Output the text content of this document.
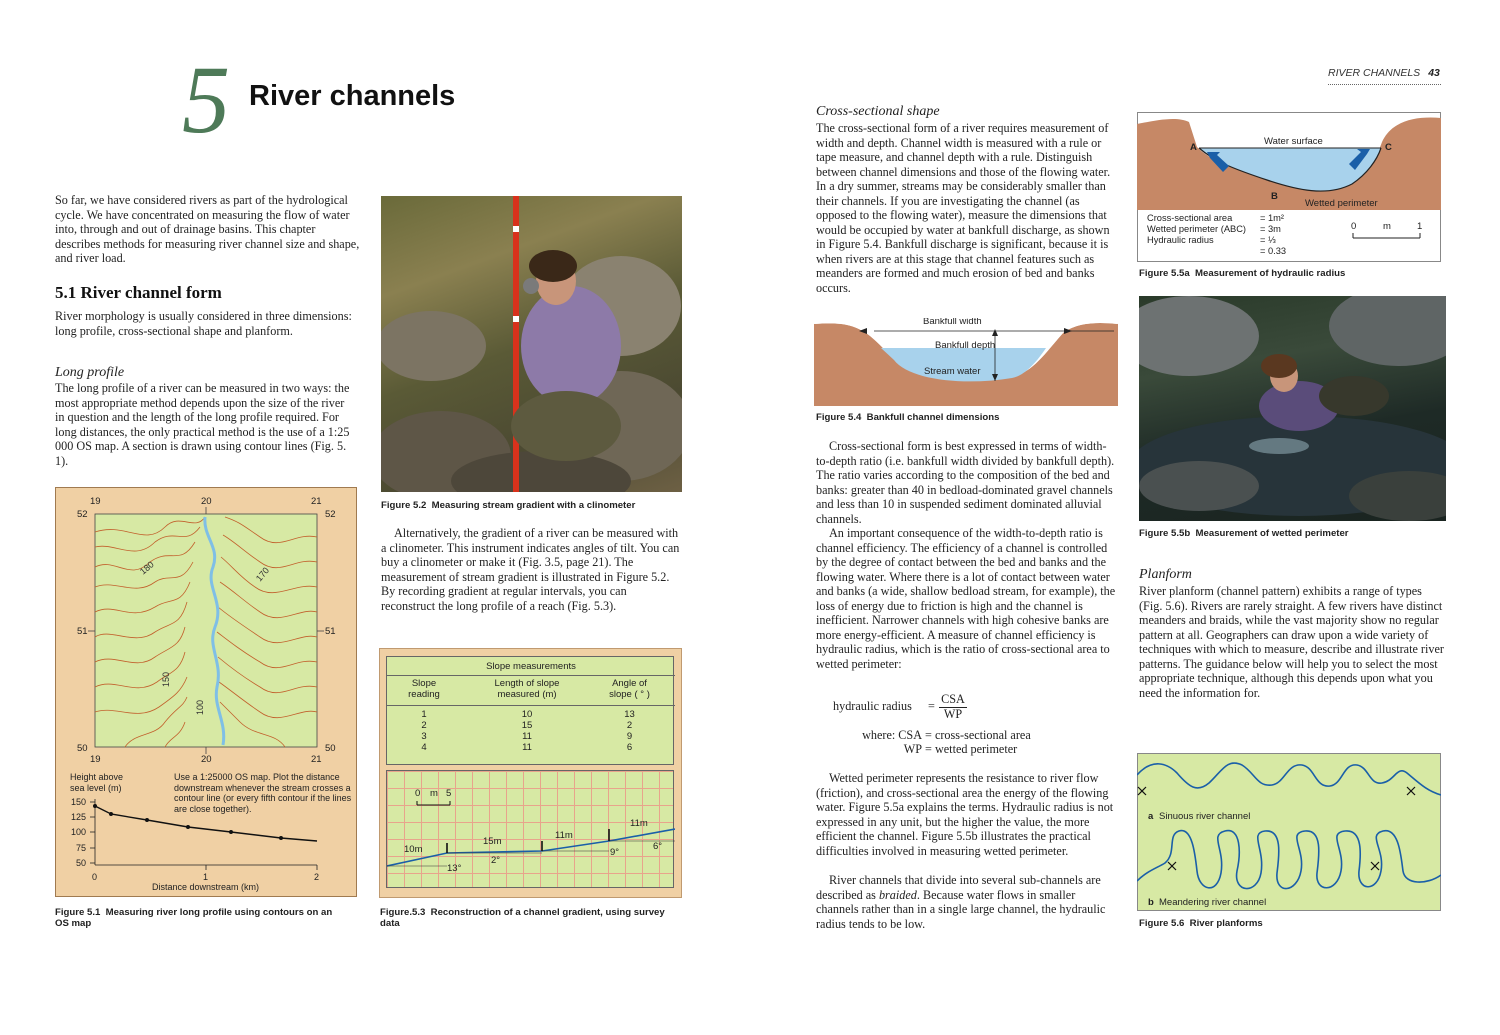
5 River channels
So far, we have considered rivers as part of the hydrological cycle. We have concentrated on measuring the flow of water into, through and out of drainage basins. This chapter describes methods for measuring river channel size and shape, and river load.
5.1 River channel form
River morphology is usually considered in three dimensions: long profile, cross-sectional shape and planform.
Long profile
The long profile of a river can be measured in two ways: the most appropriate method depends upon the size of the river in question and the length of the long profile required. For long distances, the only practical method is the use of a 1:25 000 OS map. A section is drawn using contour lines (Fig. 5. 1).
180	170
150
100
19	20	21
19	20	21
52
51
50
52
51
50
150
125
100
75
50
0	1	2
Distance downstream (km)
Height above sea level (m)
Use a 1:25000 OS map. Plot the distance downstream whenever the stream crosses a contour line (or every fifth contour if the lines are close together).
Figure 5.1 Measuring river long profile using contours on an OS map
Figure 5.2 Measuring stream gradient with a clinometer
Alternatively, the gradient of a river can be measured with a clinometer. This instrument indicates angles of tilt. You can buy a clinometer or make it (Fig. 3.5, page 21). The measurement of stream gradient is illustrated in Figure 5.2. By recording gradient at regular intervals, you can reconstruct the long profile of a reach (Fig. 5.3).
Slope measurements
Slope reading
Length of slope measured (m)
Angle of slope ( ° )
1	10	13
2	15	2
3	11	9
4	11	6
0 m 5
10m
15m
11m
11m
13°
2°
9°
6°
Figure.5.3 Reconstruction of a channel gradient, using survey data
RIVER CHANNELS 43
Cross-sectional shape
The cross-sectional form of a river requires measurement of width and depth. Channel width is measured with a rule or tape measure, and channel depth with a rule. Distinguish between channel dimensions and those of the flowing water. In a dry summer, streams may be considerably smaller than their channels. If you are investigating the channel (as opposed to the flowing water), measure the dimensions that would be occupied by water at bankfull discharge, as shown in Figure 5.4. Bankfull discharge is significant, because it is when rivers are at this stage that channel features such as meanders are formed and much erosion of bed and banks occurs.
Bankfull width
Bankfull depth
Stream water
Figure 5.4 Bankfull channel dimensions
Cross-sectional form is best expressed in terms of width-to-depth ratio (i.e. bankfull width divided by bankfull depth). The ratio varies according to the composition of the bed and banks: greater than 40 in bedload-dominated gravel channels and less than 10 in suspended sediment dominated alluvial channels.
An important consequence of the width-to-depth ratio is channel efficiency. The efficiency of a channel is controlled by the degree of contact between the bed and banks and the flowing water. Where there is a lot of contact between water and banks (a wide, shallow bedload stream, for example), the loss of energy due to friction is high and the channel is inefficient. Narrower channels with high cohesive banks are more energy-efficient. A measure of channel efficiency is hydraulic radius, which is the ratio of cross-sectional area to wetted perimeter:
hydraulic radius = CSA
WP
where: CSA = cross-sectional area
WP = wetted perimeter
Wetted perimeter represents the resistance to river flow (friction), and cross-sectional area the energy of the flowing water. Figure 5.5a explains the terms. Hydraulic radius is not expressed in any unit, but the higher the value, the more efficient the channel. Figure 5.5b illustrates the practical difficulties involved in measuring wetted perimeter.
River channels that divide into several sub-channels are described as braided. Because water flows in smaller channels rather than in a single large channel, the hydraulic radius tends to be low.
Water surface
Wetted perimeter
A
B
C
0	m	1
Cross-sectional area	= 1m²
Wetted perimeter (ABC) = 3m
Hydraulic radius	= ⅓
= 0.33
Figure 5.5a Measurement of hydraulic radius
Figure 5.5b Measurement of wetted perimeter
Planform
River planform (channel pattern) exhibits a range of types (Fig. 5.6). Rivers are rarely straight. A few rivers have distinct meanders and braids, while the vast majority show no regular pattern at all. Geographers can draw upon a wide variety of techniques with which to measure, describe and illustrate river patterns. The guidance below will help you to select the most appropriate technique, although this depends upon what you need the information for.
a Sinuous river channel
b Meandering river channel
Figure 5.6 River planforms
